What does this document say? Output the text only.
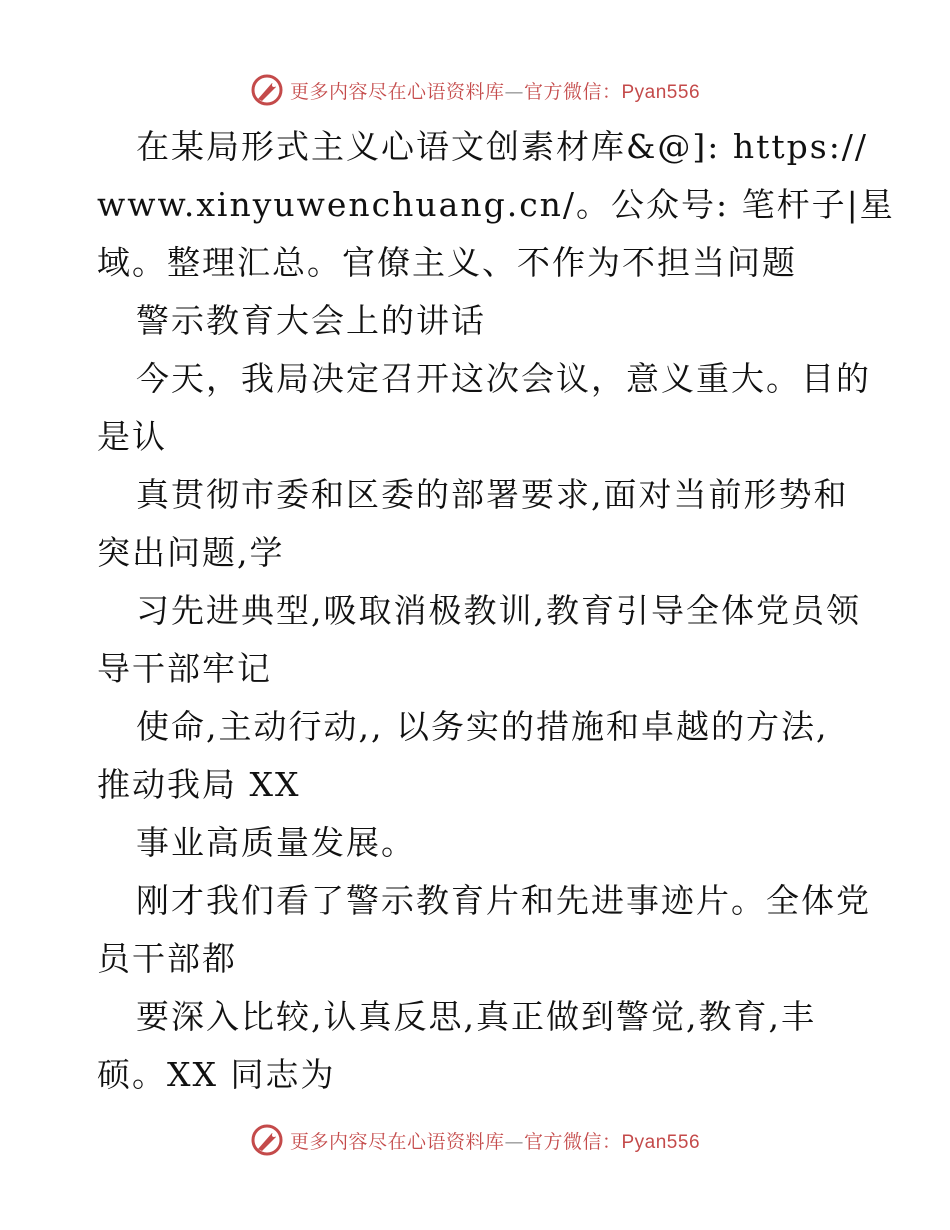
更多内容尽在心语资料库—官方微信：Pyan556
在某局形式主义心语文创素材库&@]: https://
www.xinyuwenchuang.cn/。公众号: 笔杆子|星
域。整理汇总。官僚主义、不作为不担当问题
警示教育大会上的讲话
今天，我局决定召开这次会议，意义重大。目的
是认
真贯彻市委和区委的部署要求,面对当前形势和
突出问题,学
习先进典型,吸取消极教训,教育引导全体党员领
导干部牢记
使命,主动行动,, 以务实的措施和卓越的方法,
推动我局 XX
事业高质量发展。
刚才我们看了警示教育片和先进事迹片。全体党
员干部都
要深入比较,认真反思,真正做到警觉,教育,丰
硕。XX 同志为
更多内容尽在心语资料库—官方微信：Pyan556
